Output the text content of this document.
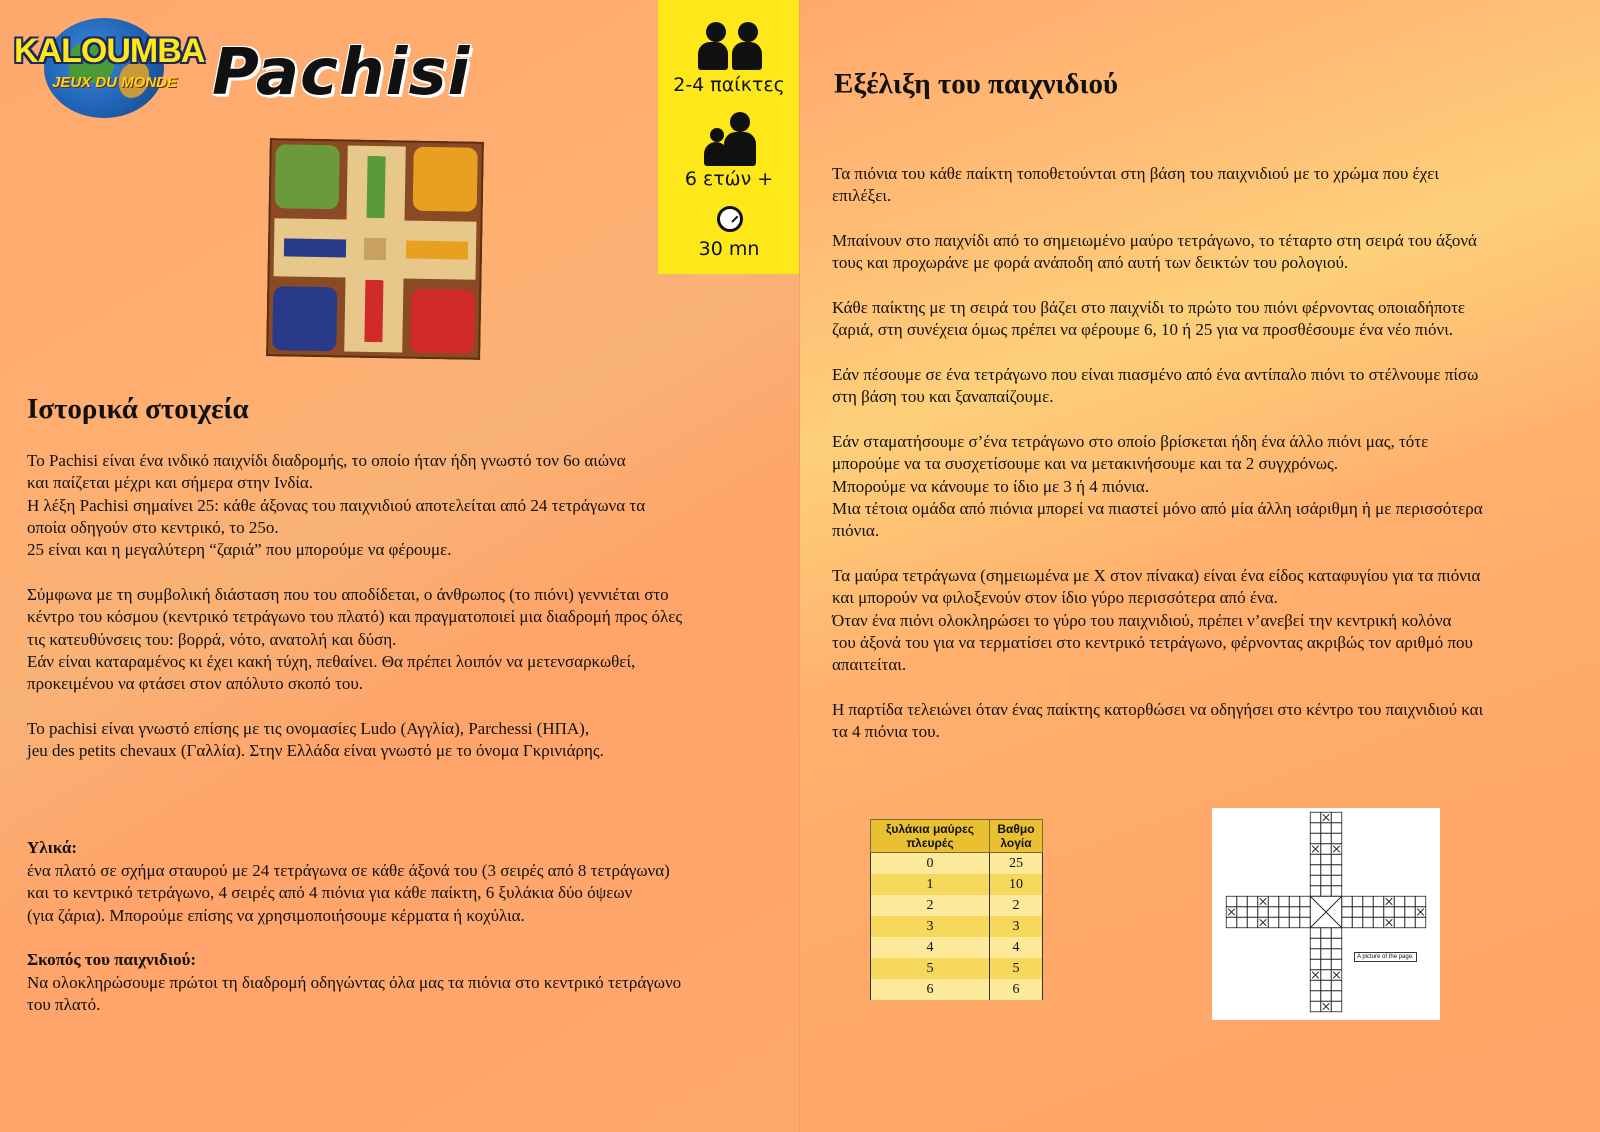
KALOUMBA
JEUX DU MONDE Pachisi
Ιστορικά στοιχεία
Το Pachisi είναι ένα ινδικό παιχνίδι διαδρομής, το οποίο ήταν ήδη γνωστό τον 6ο αιώνα
και παίζεται μέχρι και σήμερα στην Ινδία.
Η λέξη Pachisi σημαίνει 25: κάθε άξονας του παιχνιδιού αποτελείται από 24 τετράγωνα τα
οποία οδηγούν στο κεντρικό, το 25ο.
25 είναι και η μεγαλύτερη “ζαριά” που μπορούμε να φέρουμε.
Σύμφωνα με τη συμβολική διάσταση που του αποδίδεται, ο άνθρωπος (το πιόνι) γεννιέται στο
κέντρο του κόσμου (κεντρικό τετράγωνο του πλατό) και πραγματοποιεί μια διαδρομή προς όλες
τις κατευθύνσεις του: βορρά, νότο, ανατολή και δύση.
Εάν είναι καταραμένος κι έχει κακή τύχη, πεθαίνει. Θα πρέπει λοιπόν να μετενσαρκωθεί,
προκειμένου να φτάσει στον απόλυτο σκοπό του.
Το pachisi είναι γνωστό επίσης με τις ονομασίες Ludo (Αγγλία), Parchessi (ΗΠΑ),
jeu des petits chevaux (Γαλλία). Στην Ελλάδα είναι γνωστό με το όνομα Γκρινιάρης.
Υλικά:
ένα πλατό σε σχήμα σταυρού με 24 τετράγωνα σε κάθε άξονά του (3 σειρές από 8 τετράγωνα)
και το κεντρικό τετράγωνο, 4 σειρές από 4 πιόνια για κάθε παίκτη, 6 ξυλάκια δύο όψεων
(για ζάρια). Μπορούμε επίσης να χρησιμοποιήσουμε κέρματα ή κοχύλια.
Σκοπός του παιχνιδιού:
Να ολοκληρώσουμε πρώτοι τη διαδρομή οδηγώντας όλα μας τα πιόνια στο κεντρικό τετράγωνο
του πλατό.
2-4 παίκτες
6 ετών +
30 mn
Εξέλιξη του παιχνιδιού
Τα πιόνια του κάθε παίκτη τοποθετούνται στη βάση του παιχνιδιού με το χρώμα που έχει
επιλέξει.
Μπαίνουν στο παιχνίδι από το σημειωμένο μαύρο τετράγωνο, το τέταρτο στη σειρά του άξονά
τους και προχωράνε με φορά ανάποδη από αυτή των δεικτών του ρολογιού.
Κάθε παίκτης με τη σειρά του βάζει στο παιχνίδι το πρώτο του πιόνι φέρνοντας οποιαδήποτε
ζαριά, στη συνέχεια όμως πρέπει να φέρουμε 6, 10 ή 25 για να προσθέσουμε ένα νέο πιόνι.
Εάν πέσουμε σε ένα τετράγωνο που είναι πιασμένο από ένα αντίπαλο πιόνι το στέλνουμε πίσω
στη βάση του και ξαναπαίζουμε.
Εάν σταματήσουμε σ’ένα τετράγωνο στο οποίο βρίσκεται ήδη ένα άλλο πιόνι μας, τότε
μπορούμε να τα συσχετίσουμε και να μετακινήσουμε και τα 2 συγχρόνως.
Μπορούμε να κάνουμε το ίδιο με 3 ή 4 πιόνια.
Μια τέτοια ομάδα από πιόνια μπορεί να πιαστεί μόνο από μία άλλη ισάριθμη ή με περισσότερα
πιόνια.
Τα μαύρα τετράγωνα (σημειωμένα με X στον πίνακα) είναι ένα είδος καταφυγίου για τα πιόνια
και μπορούν να φιλοξενούν στον ίδιο γύρο περισσότερα από ένα.
Όταν ένα πιόνι ολοκληρώσει το γύρο του παιχνιδιού, πρέπει ν’ανεβεί την κεντρική κολόνα
του άξονά του για να τερματίσει στο κεντρικό τετράγωνο, φέρνοντας ακριβώς τον αριθμό που
απαιτείται.
Η παρτίδα τελειώνει όταν ένας παίκτης κατορθώσει να οδηγήσει στο κέντρο του παιχνιδιού και
τα 4 πιόνια του.
ξυλάκια μαύρες πλευρές	Βαθμο λογία
0	25
1	10
2	2
3	3
4	4
5	5
6	6
A picture of the page.
